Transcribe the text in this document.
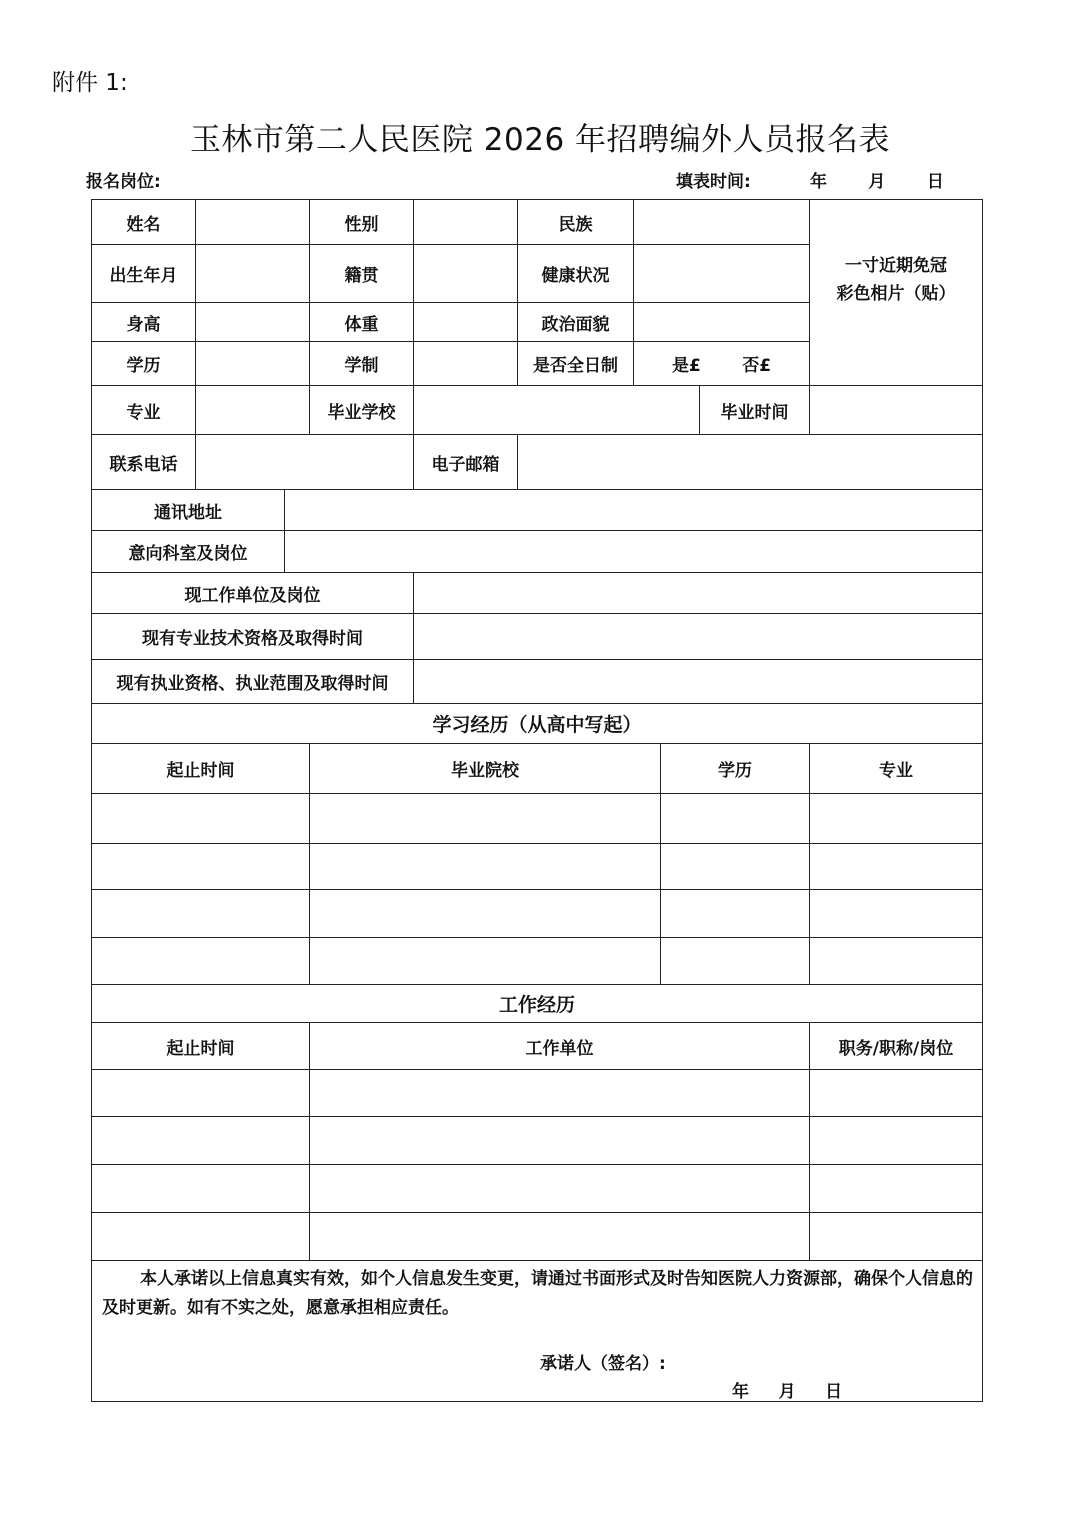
附件 1:
玉林市第二人民医院 2026 年招聘编外人员报名表
报名岗位:	填表时间:          年       月       日
姓名	性别	民族
一寸近期免冠
彩色相片（贴）
出生年月	籍贯	健康状况
身高	体重	政治面貌
学历	学制	是否全日制	是£       否£
专业	毕业学校	毕业时间
联系电话	电子邮箱
通讯地址
意向科室及岗位
现工作单位及岗位
现有专业技术资格及取得时间
现有执业资格、执业范围及取得时间
学习经历（从高中写起）
起止时间	毕业院校	学历	专业
工作经历
起止时间	工作单位	职务/职称/岗位
本人承诺以上信息真实有效，如个人信息发生变更，请通过书面形式及时告知医院人力资源部，确保个人信息的及时更新。如有不实之处，愿意承担相应责任。
承诺人（签名）:
年     月     日
